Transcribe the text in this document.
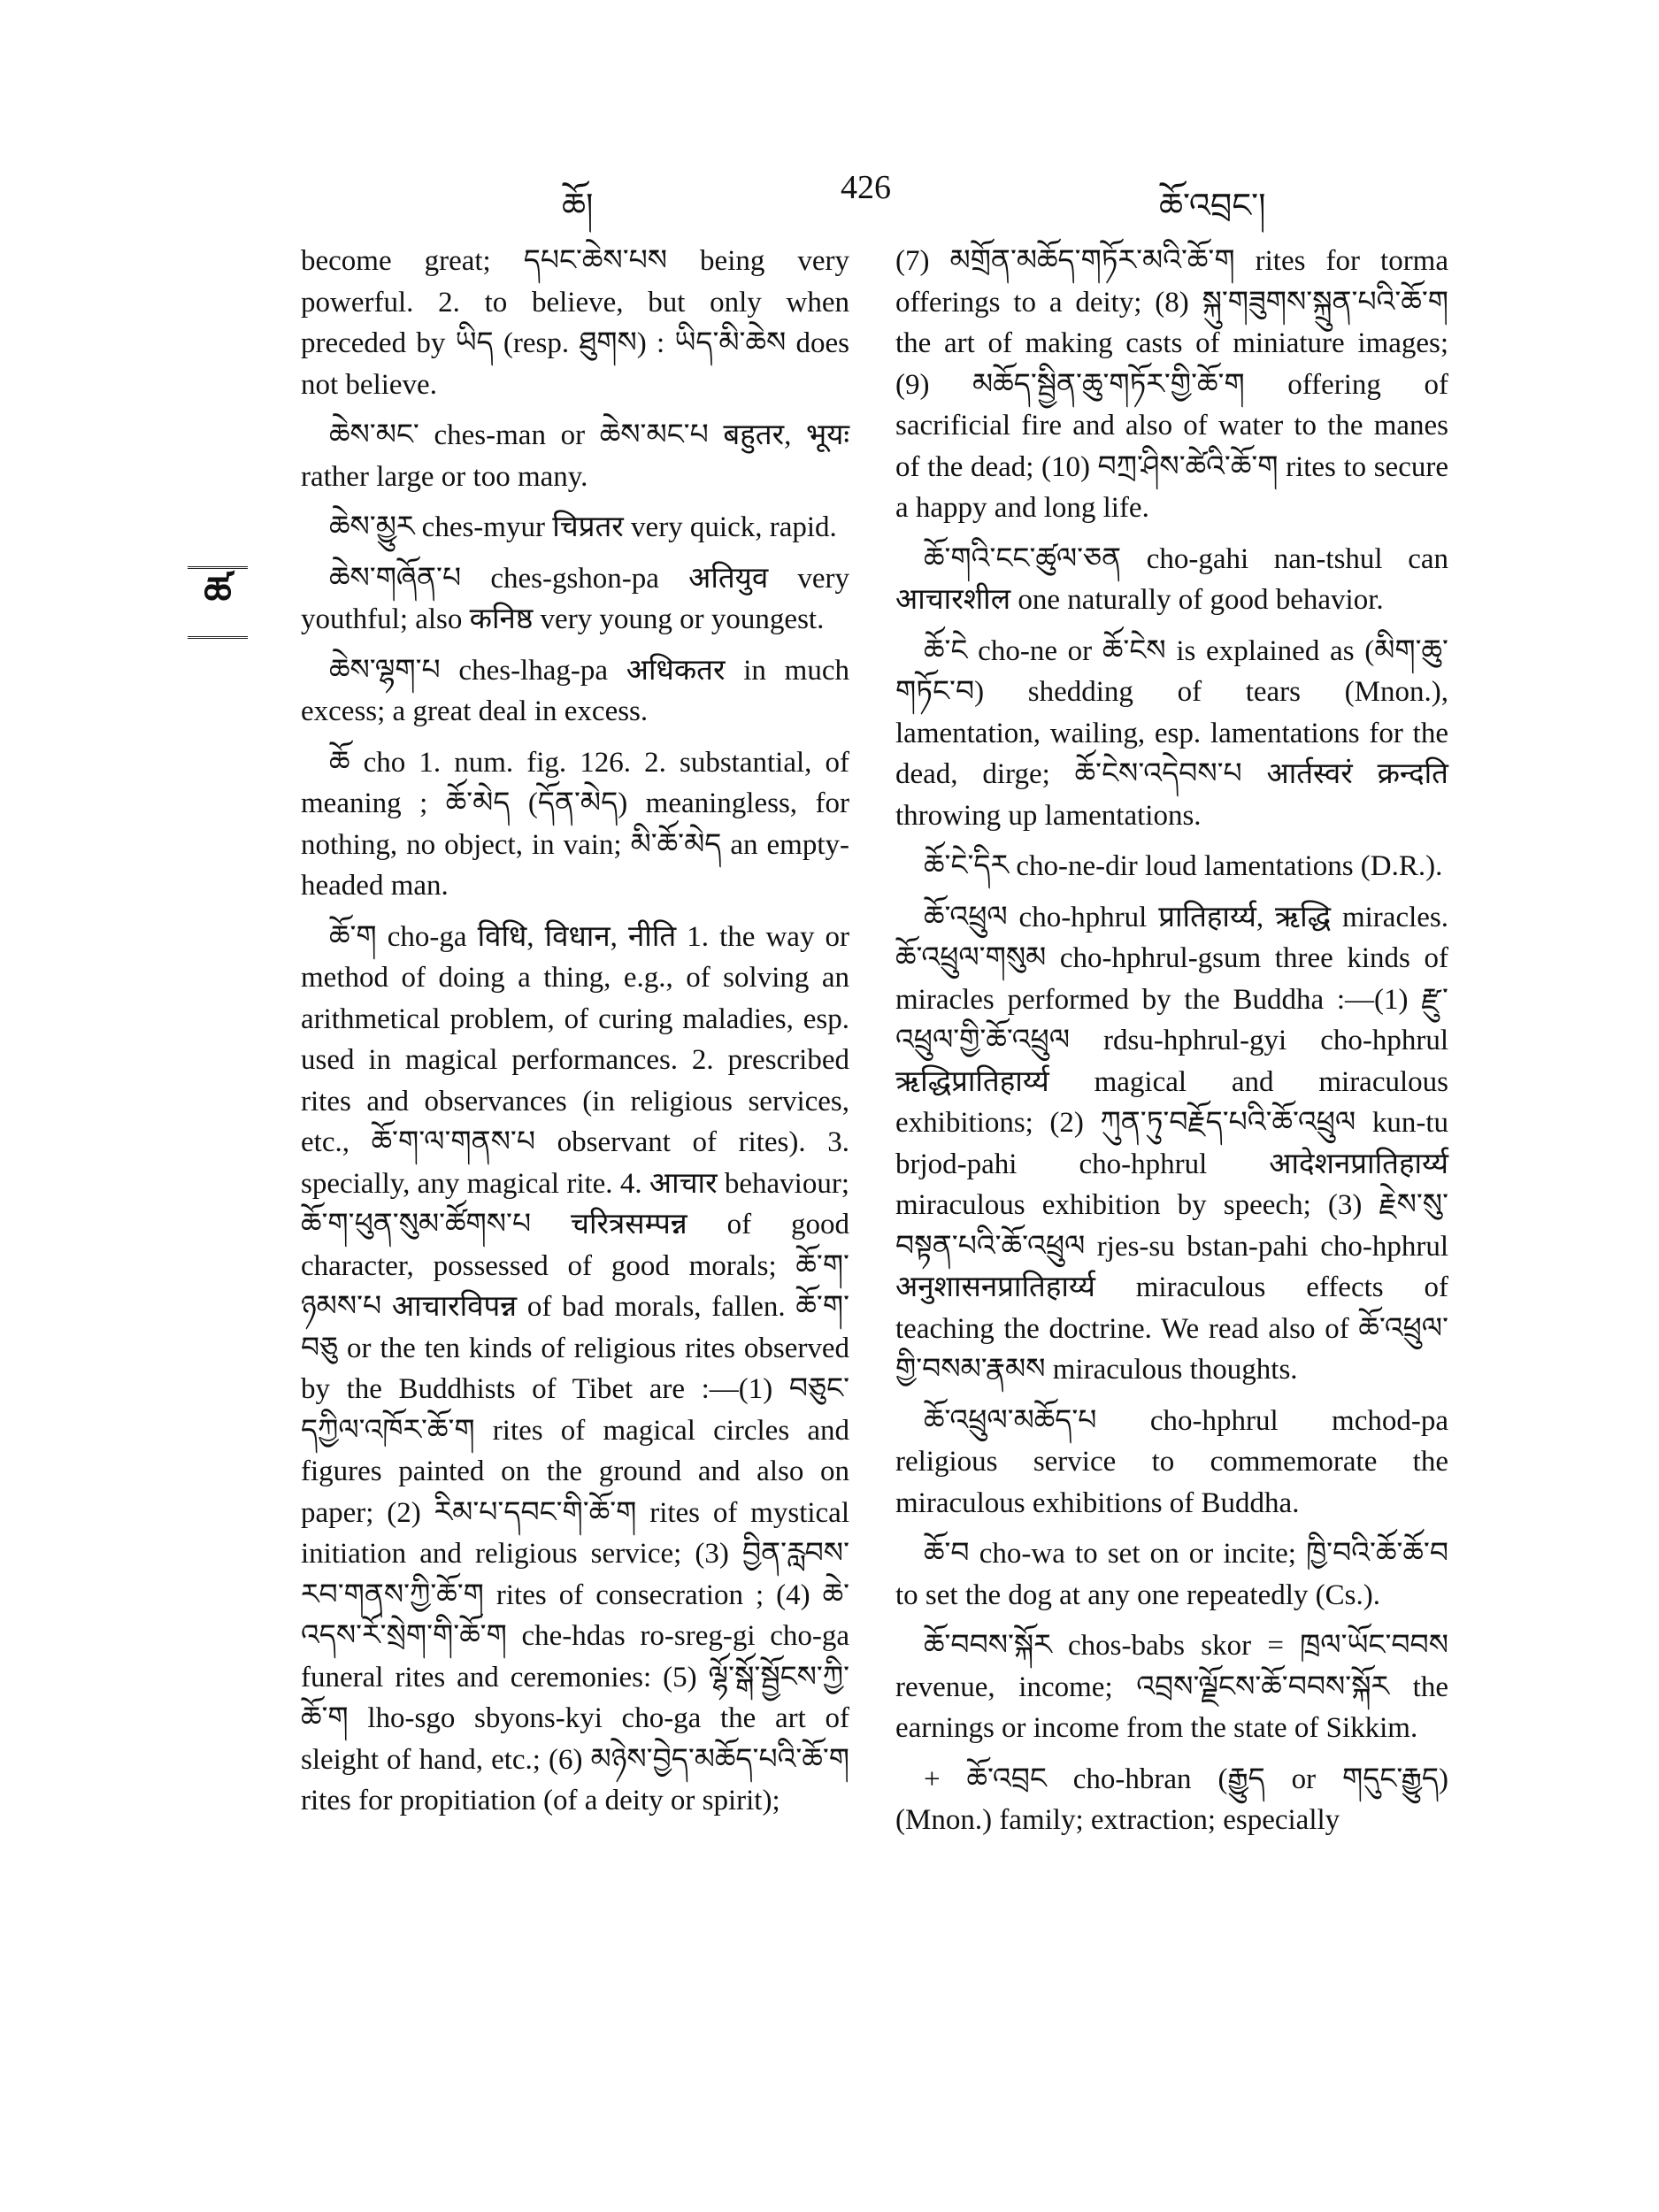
ཆོ།	426	ཆོ་འབྲང་།
ཚ

become great; དཔང་ཆེས་པས being very powerful. 2. to believe, but only when preceded by ཡིད (resp. ཐུགས) : ཡིད་མི་ཆེས does not believe.

ཆེས་མང་ ches-man or ཆེས་མང་པ बहुतर, भूयः rather large or too many.

ཆེས་མྱུར ches-myur चिप्रतर very quick, rapid.

ཆེས་གཞོན་པ ches-gshon-pa अतियुव very youthful; also कनिष्ठ very young or youngest.

ཆེས་ལྷག་པ ches-lhag-pa अधिकतर in much excess; a great deal in excess.

ཆོ cho 1. num. fig. 126. 2. substantial, of meaning ; ཆོ་མེད (དོན་མེད) meaningless, for nothing, no object, in vain; མི་ཆོ་མེད an empty-headed man.

ཆོ་ག cho-ga विधि, विधान, नीति 1. the way or method of doing a thing, e.g., of solving an arithmetical problem, of curing maladies, esp. used in magical performances. 2. prescribed rites and observances (in religious services, etc., ཆོ་ག་ལ་གནས་པ observant of rites). 3. specially, any magical rite. 4. आचार behaviour; ཆོ་ག་ཕུན་སུམ་ཚོགས་པ चरित्रसम्पन्न of good character, possessed of good morals; ཆོ་ག་ཉམས་པ आचारविपन्न of bad morals, fallen. ཆོ་ག་བཅུ or the ten kinds of religious rites observed by the Buddhists of Tibet are :—(1) བཅུང་དཀྱིལ་འཁོར་ཆོ་ག rites of magical circles and figures painted on the ground and also on paper; (2) རིམ་པ་དབང་གི་ཆོ་ག rites of mystical initiation and religious service; (3) བྱིན་རླབས་རབ་གནས་ཀྱི་ཆོ་ག rites of consecration ; (4) ཆེ་འདས་རོ་སྲེག་གི་ཆོ་ག che-hdas ro-sreg-gi cho-ga funeral rites and ceremonies: (5) ལྷོ་སྒོ་སྦྱོངས་ཀྱི་ཆོ་ག lho-sgo sbyons-kyi cho-ga the art of sleight of hand, etc.; (6) མཉེས་བྱེད་མཆོད་པའི་ཆོ་ག rites for propitiation (of a deity or spirit);

(7) མགྲོན་མཆོད་གཏོར་མའི་ཆོ་ག rites for torma offerings to a deity; (8) སྐུ་གཟུགས་སྐྲུན་པའི་ཆོ་ག the art of making casts of miniature images; (9) མཆོད་སྦྱིན་ཆུ་གཏོར་གྱི་ཆོ་ག offering of sacrificial fire and also of water to the manes of the dead; (10) བཀྲ་ཤིས་ཚེའི་ཆོ་ག rites to secure a happy and long life.

ཆོ་གའི་ངང་ཚུལ་ཅན cho-gahi nan-tshul can आचारशील one naturally of good behavior.

ཆོ་ངེ cho-ne or ཆོ་ངེས is explained as (མིག་ཆུ་གཏོང་བ) shedding of tears (Mnon.), lamentation, wailing, esp. lamentations for the dead, dirge; ཆོ་ངེས་འདེབས་པ आर्तस्वरं क्रन्दति throwing up lamentations.

ཆོ་ངེ་དིར cho-ne-dir loud lamentations (D.R.).

ཆོ་འཕྲུལ cho-hphrul प्रातिहार्य्य, ऋद्धि miracles. ཆོ་འཕྲུལ་གསུམ cho-hphrul-gsum three kinds of miracles performed by the Buddha :—(1) རྫུ་འཕྲུལ་གྱི་ཆོ་འཕྲུལ rdsu-hphrul-gyi cho-hphrul ऋद्धिप्रातिहार्य्य magical and miraculous exhibitions; (2) ཀུན་ཏུ་བརྗོད་པའི་ཆོ་འཕྲུལ kun-tu brjod-pahi cho-hphrul आदेशनप्रातिहार्य्य miraculous exhibition by speech; (3) རྗེས་སུ་བསྟན་པའི་ཆོ་འཕྲུལ rjes-su bstan-pahi cho-hphrul अनुशासनप्रातिहार्य्य miraculous effects of teaching the doctrine. We read also of ཆོ་འཕྲུལ་གྱི་བསམ་རྣམས miraculous thoughts.

ཆོ་འཕྲུལ་མཆོད་པ cho-hphrul mchod-pa religious service to commemorate the miraculous exhibitions of Buddha.

ཆོ་བ cho-wa to set on or incite; ཁྱི་བའི་ཆོ་ཆོ་བ to set the dog at any one repeatedly (Cs.).

ཆོ་བབས་སྐོར chos-babs skor = ཁྲལ་ཡོང་བབས revenue, income; འབྲས་ལྗོངས་ཆོ་བབས་སྐོར the earnings or income from the state of Sikkim.

+ ཆོ་འབྲང cho-hbran (རྒྱུད or གདུང་རྒྱུད) (Mnon.) family; extraction; especially
